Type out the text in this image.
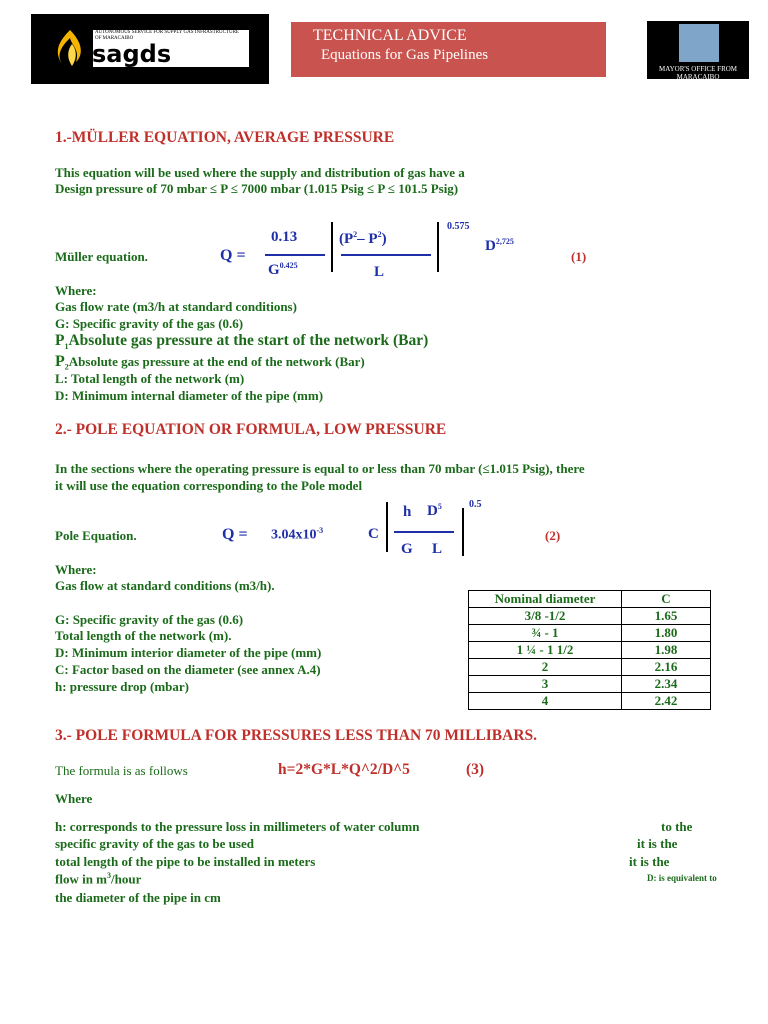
AUTONOMOUS SERVICE FOR SUPPLY GAS INFRASTRUCTURE OF MARACAIBO
sagds
TECHNICAL ADVICE
Equations for Gas Pipelines
MAYOR'S OFFICE FROM MARACAIBO
1.-MÜLLER EQUATION, AVERAGE PRESSURE
This equation will be used where the supply and distribution of gas have a
Design pressure of 70 mbar ≤ P ≤ 7000 mbar (1.015 Psig ≤ P ≤ 101.5 Psig)
Müller equation.	Q =
0.13
$G^{0.425}$
($P^2-$ $P^2$)
L
0.575
D$^{2,725}$
(1)
Where:
Gas flow rate (m3/h at standard conditions)
G: Specific gravity of the gas (0.6)
$P_1Absolute$ gas pressure at the start of the network (Bar)
$P_2Absolute$ gas pressure at the end of the network (Bar)
L: Total length of the network (m)
D: Minimum internal diameter of the pipe (mm)
2.- POLE EQUATION OR FORMULA, LOW PRESSURE
In the sections where the operating pressure is equal to or less than 70 mbar (≤1.015 Psig), there
it will use the equation corresponding to the Pole model
Pole Equation.	$Q = 3.04x10^{-3}$	C
h $D^5$
G L
0.5
(2)
Where:
Gas flow at standard conditions (m3/h).
G: Specific gravity of the gas (0.6)
Total length of the network (m).
D: Minimum interior diameter of the pipe (mm)
C: Factor based on the diameter (see annex A.4)
h: pressure drop (mbar)
Nominal diameter	C
3/8 -1/2	1.65
¾ - 1	1.80
1 ¼ - 1 1/2	1.98
2	2.16
3	2.34
4	2.42
3.- POLE FORMULA FOR PRESSURES LESS THAN 70 MILLIBARS.
The formula is as follows	h=2*G*L*Q^2/D^5	(3)
Where
h: corresponds to the pressure loss in millimeters of water column	to the
specific gravity of the gas to be used	it is the
total length of the pipe to be installed in meters	it is the
flow in $m^3$/hour	D: is equivalent to
the diameter of the pipe in cm
